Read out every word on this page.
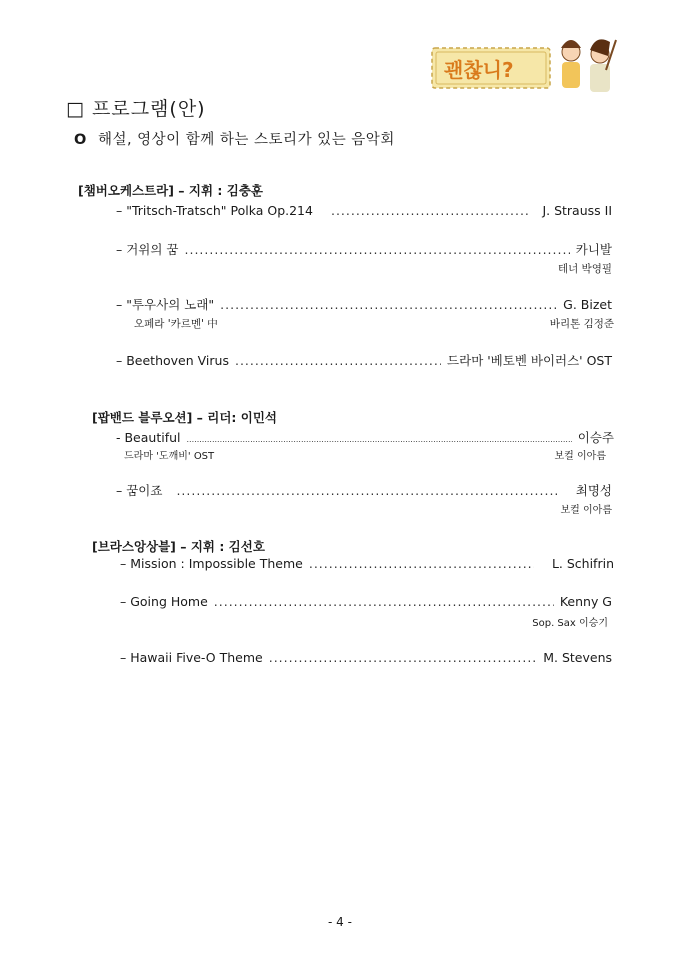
괜찮니?
□ 프로그램(안)
O 해설, 영상이 함께 하는 스토리가 있는 음악회
[챔버오케스트라] – 지휘 : 김충훈
– "Tritsch-Tratsch" Polka Op.214 .....	J. Strauss II
– 거위의 꿈 .....	카니발
테너 박영필
– "투우사의 노래" .....	G. Bizet
오페라 '카르멘' 中	바리톤 김정준
– Beethoven Virus .....	드라마 '베토벤 바이러스' OST
[팝밴드 블루오션] – 리더: 이민석
- Beautiful .....	이승주
드라마 '도깨비' OST	보컬 이아름
– 꿈이죠 .....	최명성
보컬 이아름
[브라스앙상블] – 지휘 : 김선호
– Mission : Impossible Theme .....	L. Schifrin
– Going Home .....	Kenny G
Sop. Sax 이승기
– Hawaii Five-O Theme .....	M. Stevens
- 4 -
